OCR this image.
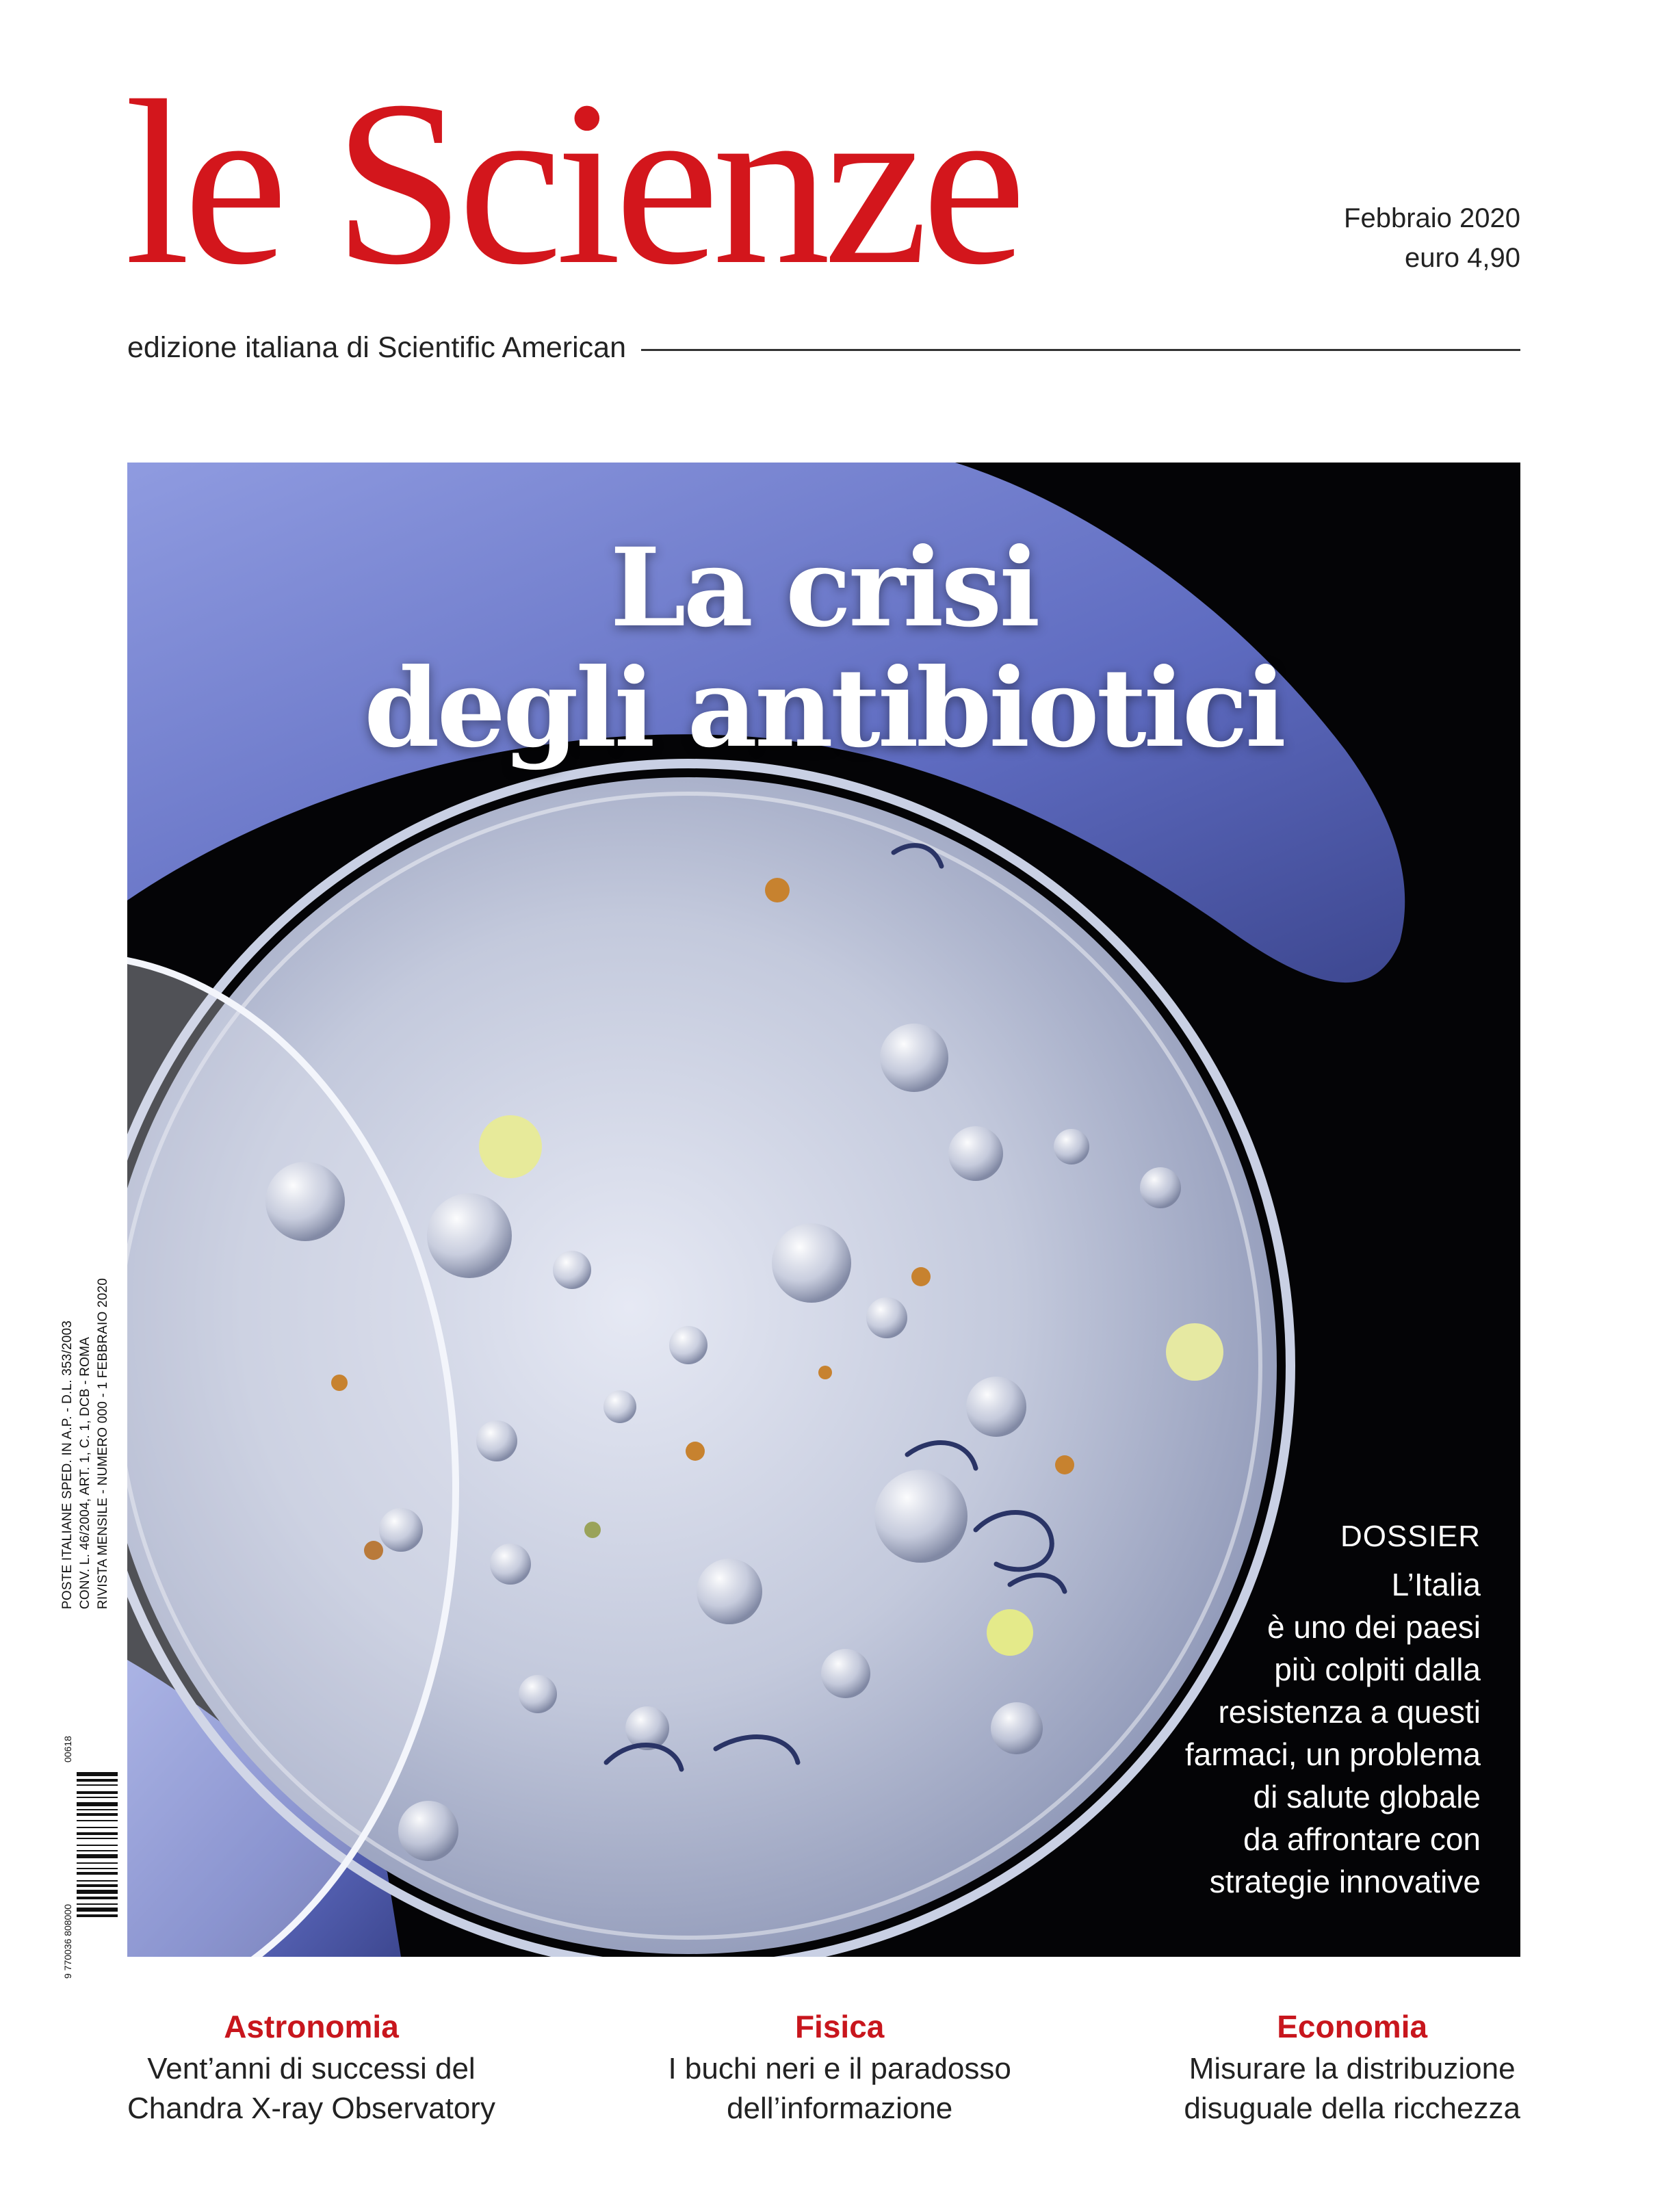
le Scienze	Febbraio 2020
euro 4,90
edizione italiana di Scientific American
La crisi
degli antibiotici
DOSSIER
L’Italia
è uno dei paesi
più colpiti dalla
resistenza a questi
farmaci, un problema
di salute globale
da affrontare con
strategie innovative
POSTE ITALIANE SPED. IN A.P. - D.L. 353/2003 CONV. L. 46/2004, ART. 1, C. 1, DCB - ROMA RIVISTA MENSILE - NUMERO 000 - 1 FEBBRAIO 2020
9 770036 808000
00618
Astronomia
Vent’anni di successi del
Chandra X-ray Observatory
Fisica
I buchi neri e il paradosso
dell’informazione
Economia
Misurare la distribuzione
disuguale della ricchezza
